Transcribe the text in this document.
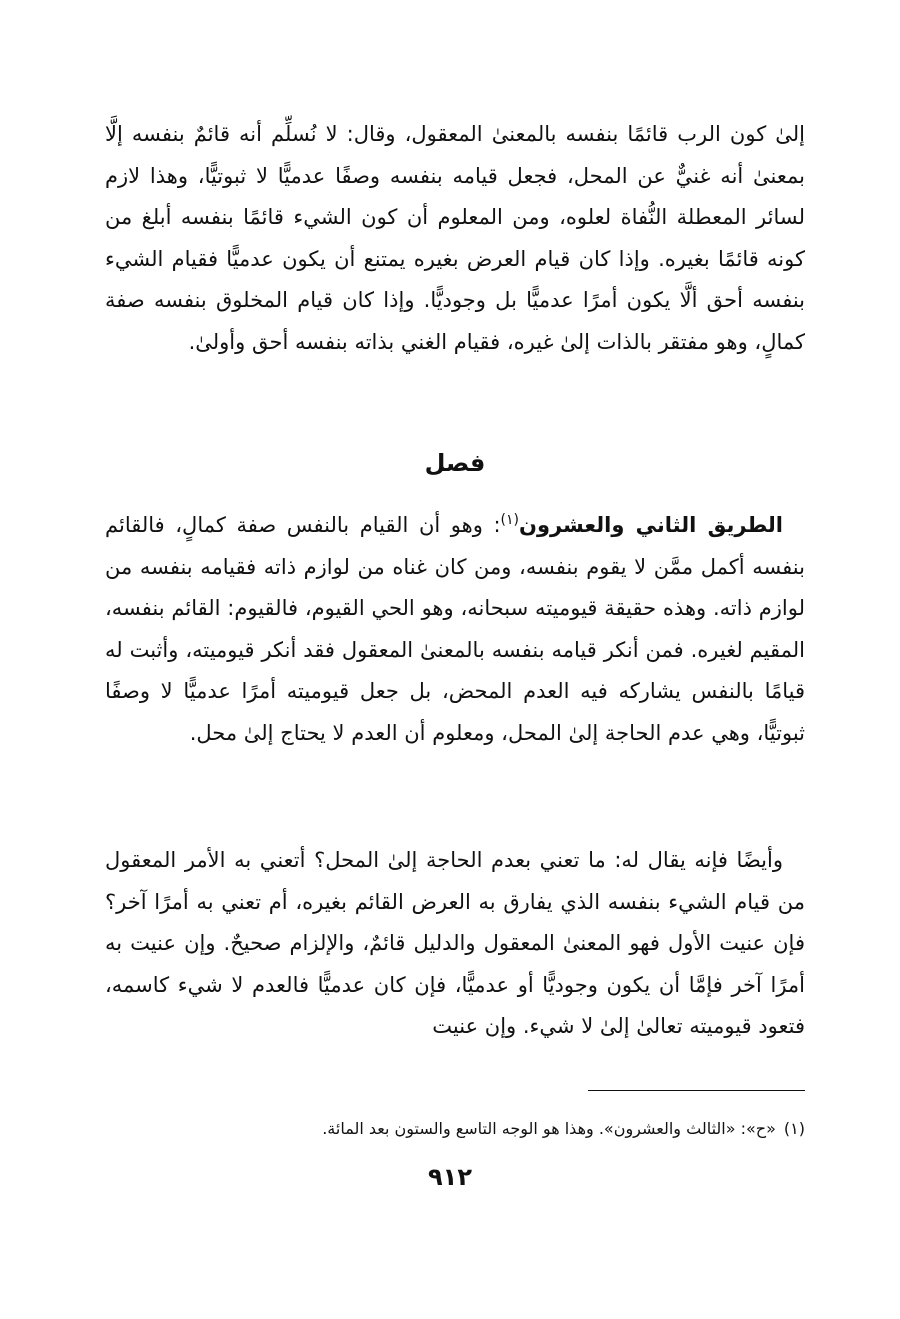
إلىٰ كون الرب قائمًا بنفسه بالمعنىٰ المعقول، وقال: لا نُسلِّم أنه قائمٌ بنفسه إلَّا بمعنىٰ أنه غنيٌّ عن المحل، فجعل قيامه بنفسه وصفًا عدميًّا لا ثبوتيًّا، وهذا لازم لسائر المعطلة النُّفاة لعلوه، ومن المعلوم أن كون الشيء قائمًا بنفسه أبلغ من كونه قائمًا بغيره. وإذا كان قيام العرض بغيره يمتنع أن يكون عدميًّا فقيام الشيء بنفسه أحق ألَّا يكون أمرًا عدميًّا بل وجوديًّا. وإذا كان قيام المخلوق بنفسه صفة كمالٍ، وهو مفتقر بالذات إلىٰ غيره، فقيام الغني بذاته بنفسه أحق وأولىٰ.

فصل

الطريق الثاني والعشرون$^{(١)}$: وهو أن القيام بالنفس صفة كمالٍ، فالقائم بنفسه أكمل ممَّن لا يقوم بنفسه، ومن كان غناه من لوازم ذاته فقيامه بنفسه من لوازم ذاته. وهذه حقيقة قيوميته سبحانه، وهو الحي القيوم، فالقيوم: القائم بنفسه، المقيم لغيره. فمن أنكر قيامه بنفسه بالمعنىٰ المعقول فقد أنكر قيوميته، وأثبت له قيامًا بالنفس يشاركه فيه العدم المحض، بل جعل قيوميته أمرًا عدميًّا لا وصفًا ثبوتيًّا، وهي عدم الحاجة إلىٰ المحل، ومعلوم أن العدم لا يحتاج إلىٰ محل.

وأيضًا فإنه يقال له: ما تعني بعدم الحاجة إلىٰ المحل؟ أتعني به الأمر المعقول من قيام الشيء بنفسه الذي يفارق به العرض القائم بغيره، أم تعني به أمرًا آخر؟ فإن عنيت الأول فهو المعنىٰ المعقول والدليل قائمٌ، والإلزام صحيحٌ. وإن عنيت به أمرًا آخر فإمَّا أن يكون وجوديًّا أو عدميًّا، فإن كان عدميًّا فالعدم لا شيء كاسمه، فتعود قيوميته تعالىٰ إلىٰ لا شيء. وإن عنيت

(١)«ح»: «الثالث والعشرون». وهذا هو الوجه التاسع والستون بعد المائة.

٩١٢
